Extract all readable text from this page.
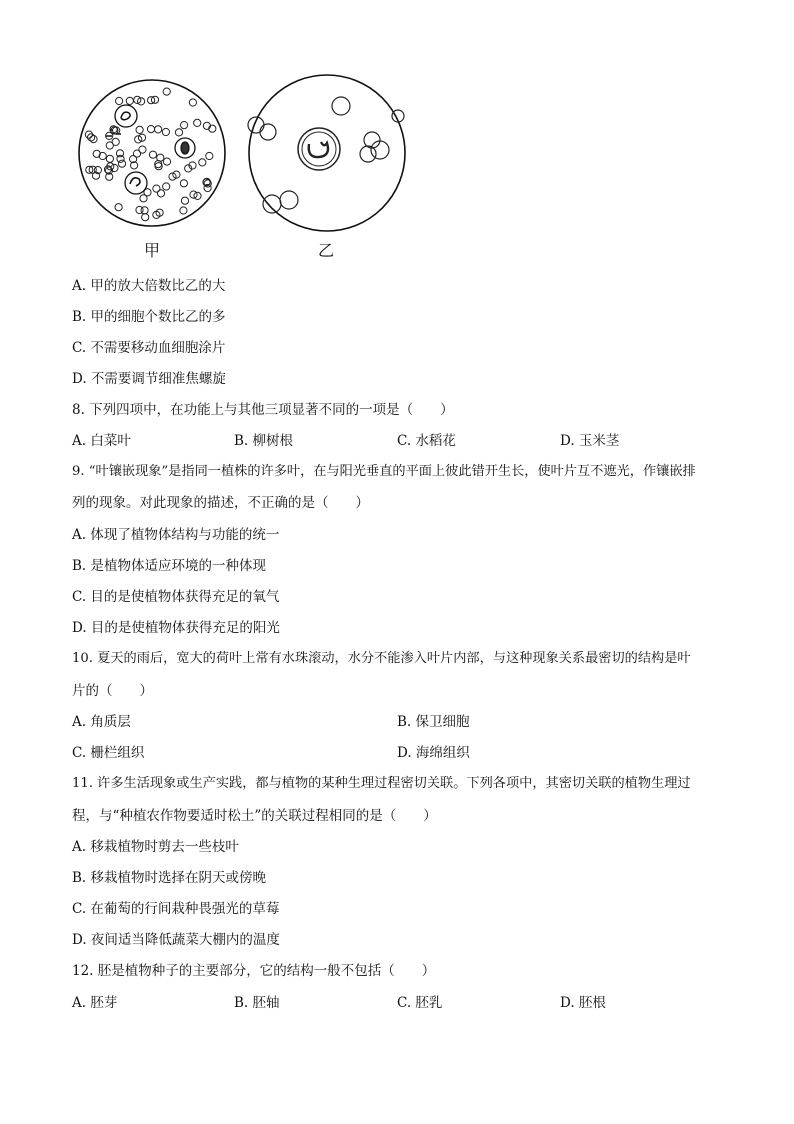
甲	乙
A. 甲的放大倍数比乙的大
B. 甲的细胞个数比乙的多
C. 不需要移动血细胞涂片
D. 不需要调节细准焦螺旋
8. 下列四项中，在功能上与其他三项显著不同的一项是（　　）
A. 白菜叶	B. 柳树根	C. 水稻花	D. 玉米茎
9. “叶镶嵌现象”是指同一植株的许多叶，在与阳光垂直的平面上彼此错开生长，使叶片互不遮光，作镶嵌排
列的现象。对此现象的描述，不正确的是（　　）
A. 体现了植物体结构与功能的统一
B. 是植物体适应环境的一种体现
C. 目的是使植物体获得充足的氧气
D. 目的是使植物体获得充足的阳光
10. 夏天的雨后，宽大的荷叶上常有水珠滚动，水分不能渗入叶片内部，与这种现象关系最密切的结构是叶
片的（　　）
A. 角质层	B. 保卫细胞
C. 栅栏组织	D. 海绵组织
11. 许多生活现象或生产实践，都与植物的某种生理过程密切关联。下列各项中，其密切关联的植物生理过
程，与“种植农作物要适时松土”的关联过程相同的是（　　）
A. 移栽植物时剪去一些枝叶
B. 移栽植物时选择在阴天或傍晚
C. 在葡萄的行间栽种畏强光的草莓
D. 夜间适当降低蔬菜大棚内的温度
12. 胚是植物种子的主要部分，它的结构一般不包括（　　）
A. 胚芽	B. 胚轴	C. 胚乳	D. 胚根
